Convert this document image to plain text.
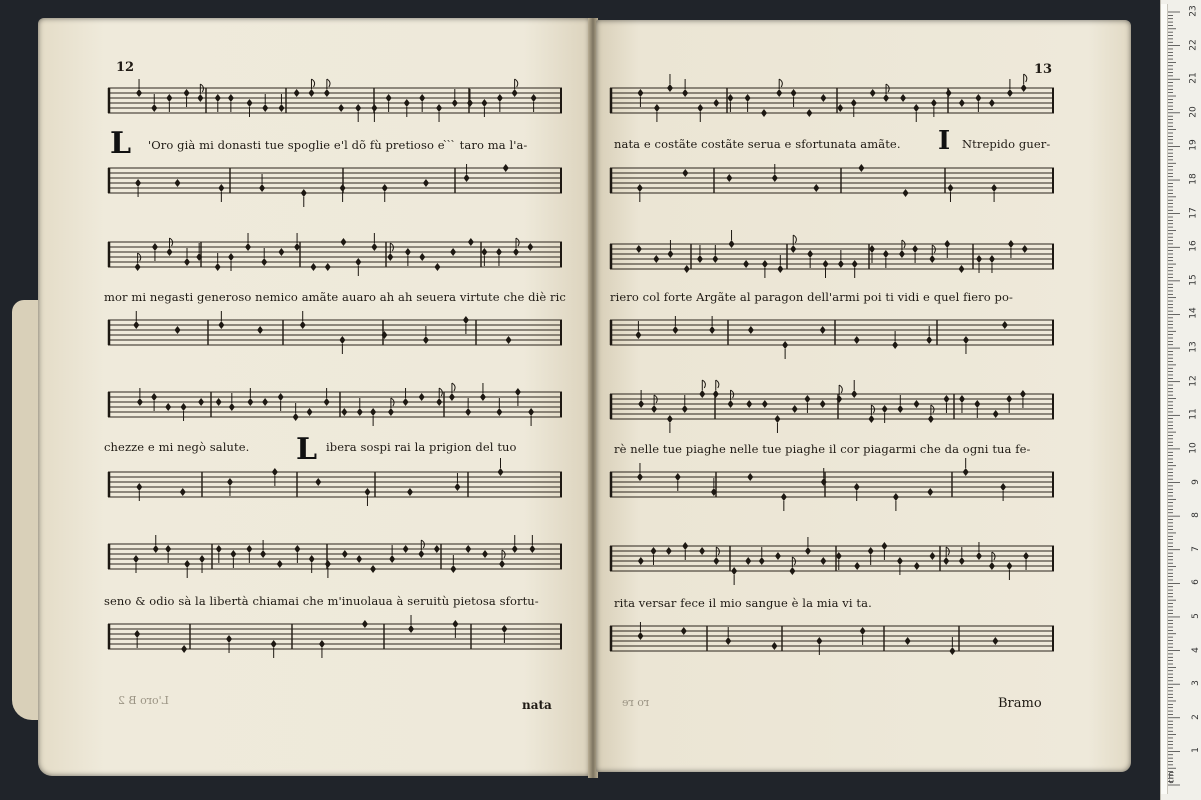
12
L 'Oro già mi donasti tue spoglie e'l dõ fù pretioso e ̀ ̀ ̀ taro ma l'a-
mor mi negasti generoso nemico amãte auaro ah ah seuera virtute che diè ric
chezze e mi negò salute. L ibera sospi rai la prigion del tuo
seno & odio sà la libertà chiamai che m'inuolaua à seruitù pietosa sfortu-
L'oro B 2	nata
13
nata e costãte costãte serua e sfortunata amãte. I Ntrepido guer-
riero col forte Argãte al paragon dell'armi poi ti vidi e quel fiero po-
rè nelle tue piaghe nelle tue piaghe il cor piagarmi che da ogni tua fe-
rita versar fece il mio sangue è la mia vi ta.
ro re	Bramo
cm
1
2
3
4
5
6
7
8
9
10
11
12
13
14
15
16
17
18
19
20
21
22
23
